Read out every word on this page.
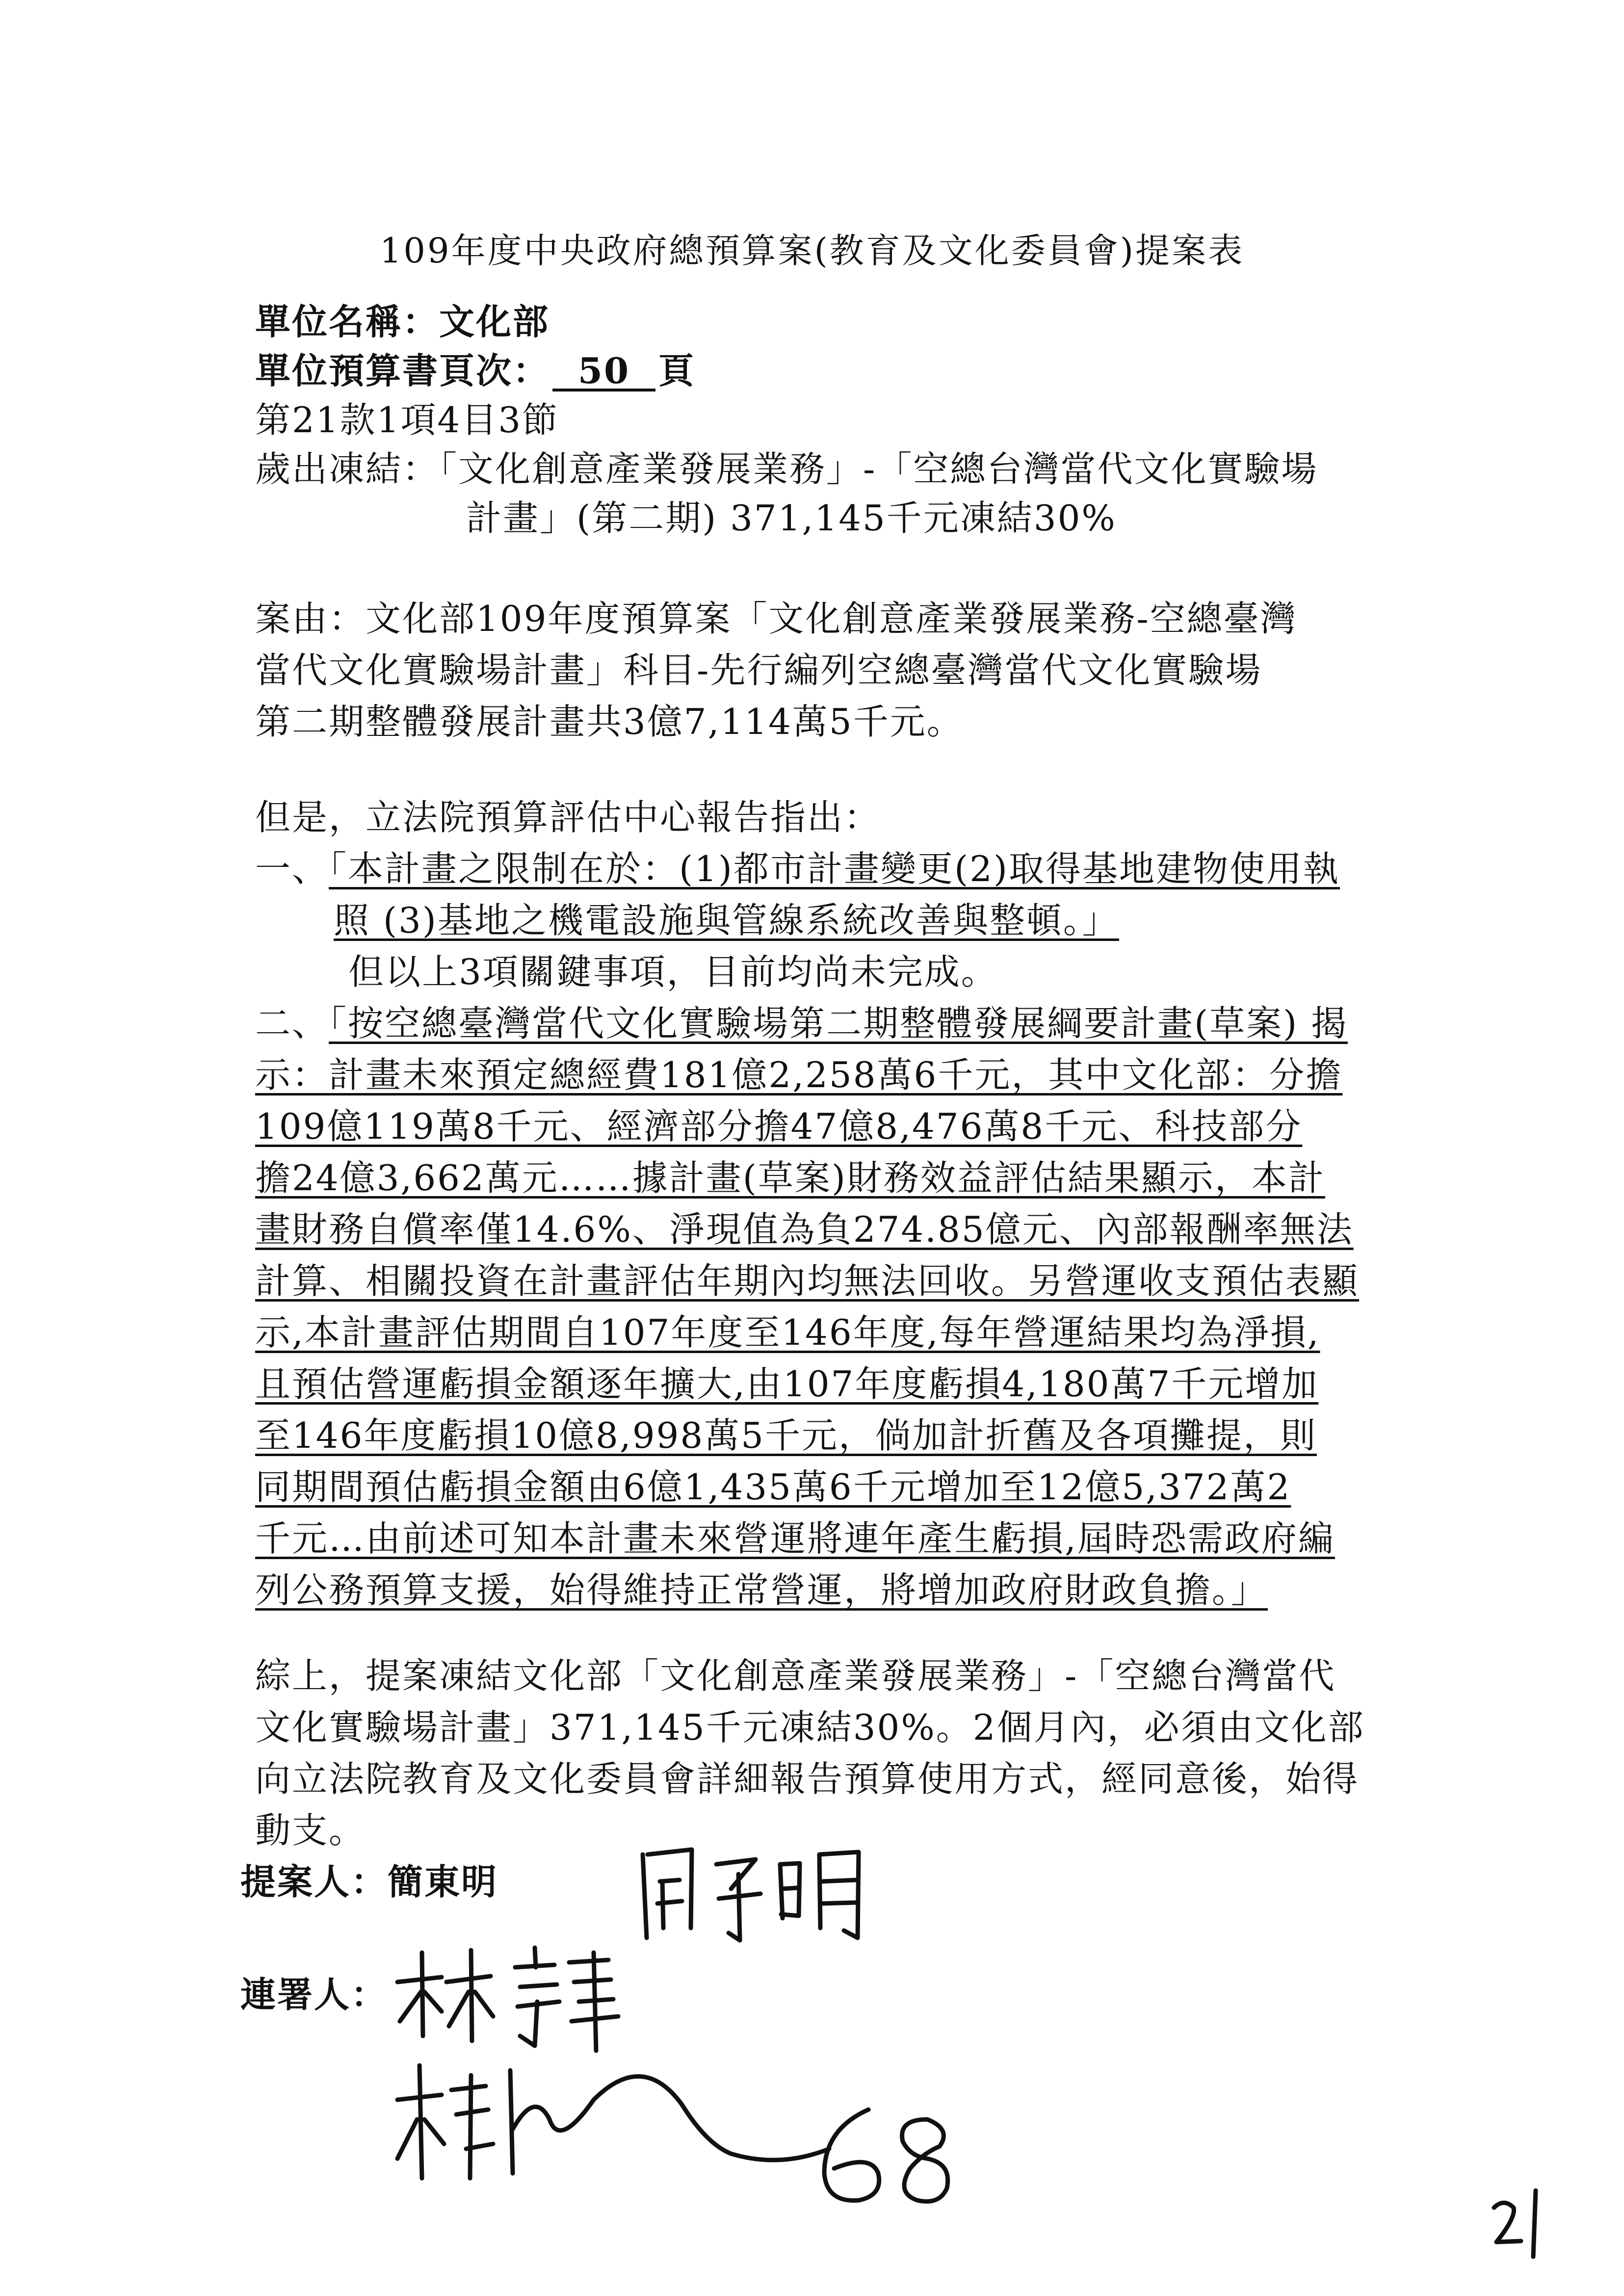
109年度中央政府總預算案(教育及文化委員會)提案表
單位名稱：文化部
單位預算書頁次： 50 頁
第21款1項4目3節
歲出凍結：「文化創意產業發展業務」-「空總台灣當代文化實驗場
計畫」(第二期) 371,145千元凍結30%
案由：文化部109年度預算案「文化創意產業發展業務-空總臺灣
當代文化實驗場計畫」科目-先行編列空總臺灣當代文化實驗場
第二期整體發展計畫共3億7,114萬5千元。
但是，立法院預算評估中心報告指出：
一、「本計畫之限制在於：(1)都市計畫變更(2)取得基地建物使用執
照 (3)基地之機電設施與管線系統改善與整頓。」
但以上3項關鍵事項，目前均尚未完成。
二、「按空總臺灣當代文化實驗場第二期整體發展綱要計畫(草案) 揭
示：計畫未來預定總經費181億2,258萬6千元，其中文化部：分擔
109億119萬8千元、經濟部分擔47億8,476萬8千元、科技部分
擔24億3,662萬元……據計畫(草案)財務效益評估結果顯示，本計
畫財務自償率僅14.6%、淨現值為負274.85億元、內部報酬率無法
計算、相關投資在計畫評估年期內均無法回收。另營運收支預估表顯
示,本計畫評估期間自107年度至146年度,每年營運結果均為淨損,
且預估營運虧損金額逐年擴大,由107年度虧損4,180萬7千元增加
至146年度虧損10億8,998萬5千元，倘加計折舊及各項攤提，則
同期間預估虧損金額由6億1,435萬6千元增加至12億5,372萬2
千元…由前述可知本計畫未來營運將連年產生虧損,屆時恐需政府編
列公務預算支援，始得維持正常營運，將增加政府財政負擔。」
綜上，提案凍結文化部「文化創意產業發展業務」-「空總台灣當代
文化實驗場計畫」371,145千元凍結30%。2個月內，必須由文化部
向立法院教育及文化委員會詳細報告預算使用方式，經同意後，始得
動支。
提案人：簡東明
連署人：
